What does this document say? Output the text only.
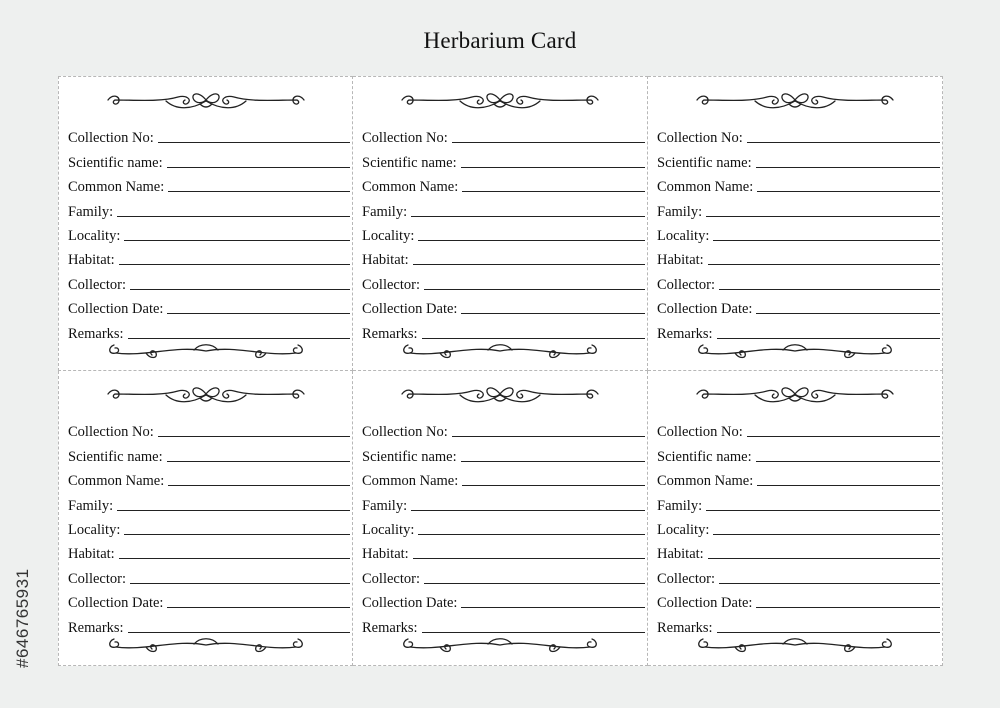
Herbarium Card
Collection No:
Scientific name:
Common Name:
Family:
Locality:
Habitat:
Collector:
Collection Date:
Remarks:
Collection No:
Scientific name:
Common Name:
Family:
Locality:
Habitat:
Collector:
Collection Date:
Remarks:
Collection No:
Scientific name:
Common Name:
Family:
Locality:
Habitat:
Collector:
Collection Date:
Remarks:
Collection No:
Scientific name:
Common Name:
Family:
Locality:
Habitat:
Collector:
Collection Date:
Remarks:
Collection No:
Scientific name:
Common Name:
Family:
Locality:
Habitat:
Collector:
Collection Date:
Remarks:
Collection No:
Scientific name:
Common Name:
Family:
Locality:
Habitat:
Collector:
Collection Date:
Remarks:
#646765931
